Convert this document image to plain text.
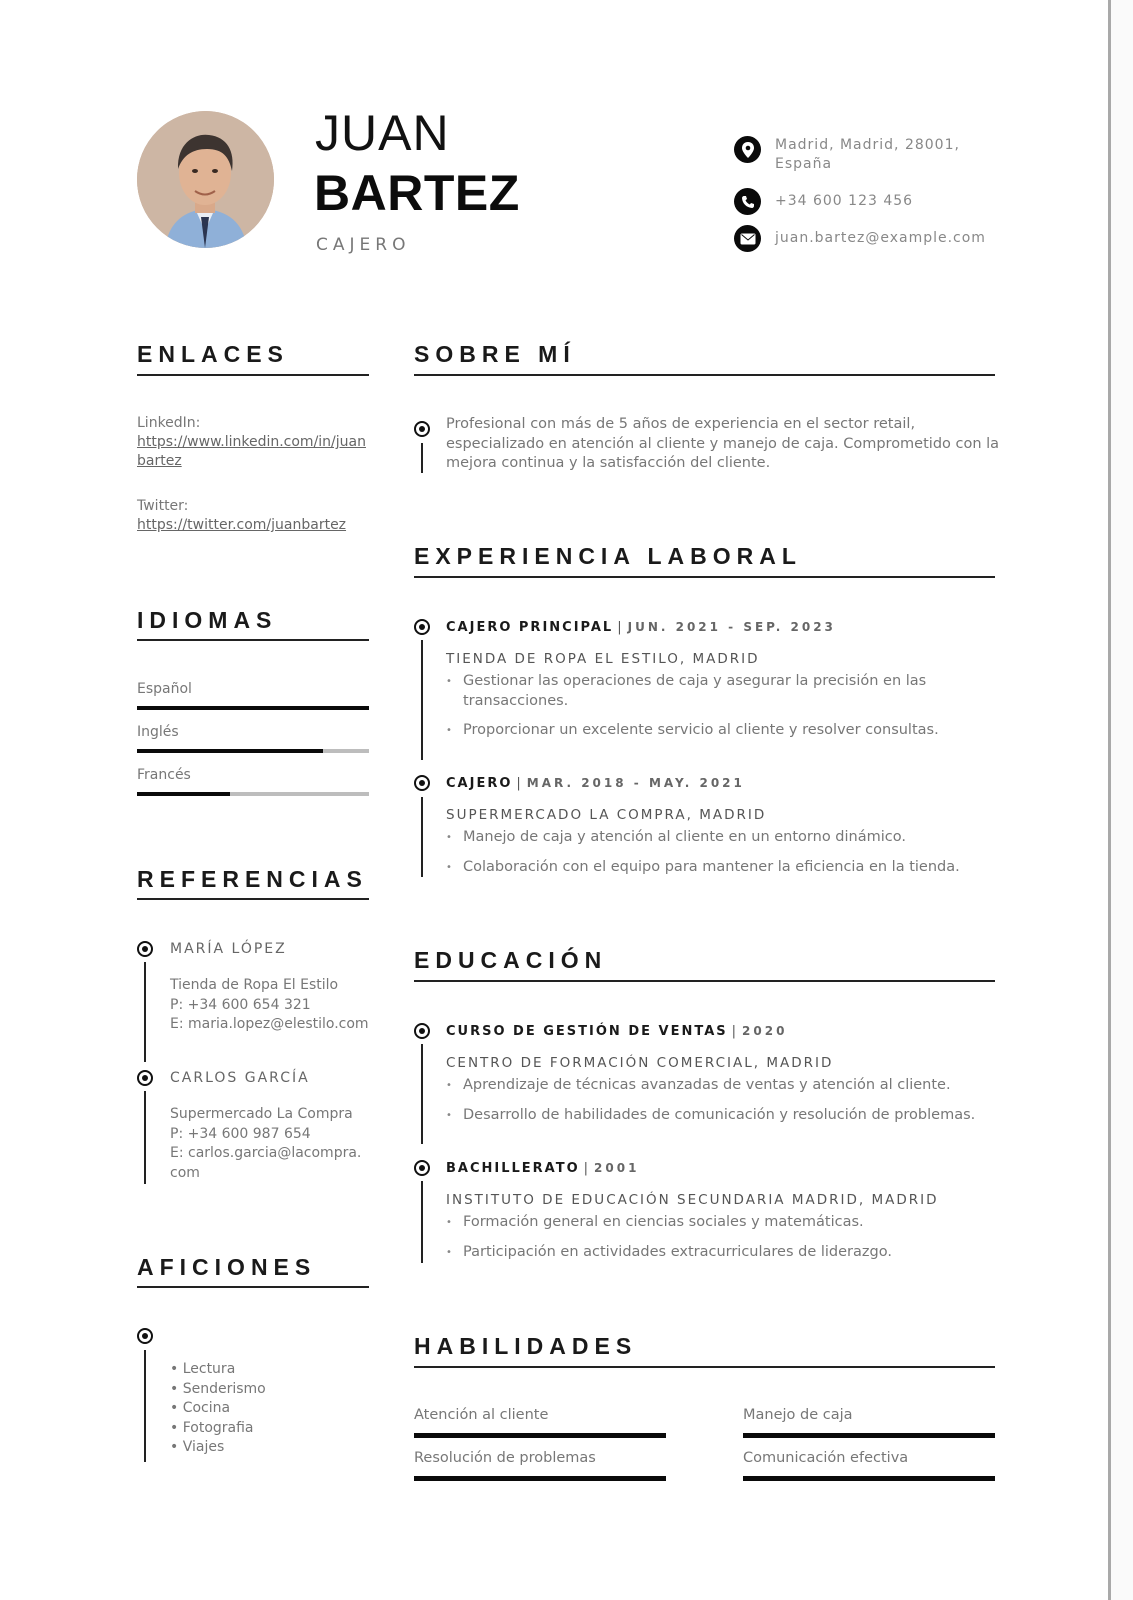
JUAN
BARTEZ
CAJERO
Madrid, Madrid, 28001, España
+34 600 123 456
juan.bartez@example.com
ENLACES
LinkedIn:
https://www.linkedin.com/in/juanbartez
Twitter:
https://twitter.com/juanbartez
IDIOMAS
Español
Inglés
Francés
REFERENCIAS
MARÍA LÓPEZ
Tienda de Ropa El Estilo
P: +34 600 654 321
E: maria.lopez@elestilo.com
CARLOS GARCÍA
Supermercado La Compra
P: +34 600 987 654
E: carlos.garcia@lacompra.com
AFICIONES
• Lectura
• Senderismo
• Cocina
• Fotografia
• Viajes
SOBRE MÍ
Profesional con más de 5 años de experiencia en el sector retail, especializado en atención al cliente y manejo de caja. Comprometido con la mejora continua y la satisfacción del cliente.
EXPERIENCIA LABORAL
CAJERO PRINCIPAL | JUN. 2021 - SEP. 2023
TIENDA DE ROPA EL ESTILO, MADRID
• Gestionar las operaciones de caja y asegurar la precisión en las transacciones.
• Proporcionar un excelente servicio al cliente y resolver consultas.
CAJERO | MAR. 2018 - MAY. 2021
SUPERMERCADO LA COMPRA, MADRID
• Manejo de caja y atención al cliente en un entorno dinámico.
• Colaboración con el equipo para mantener la eficiencia en la tienda.
EDUCACIÓN
CURSO DE GESTIÓN DE VENTAS | 2020
CENTRO DE FORMACIÓN COMERCIAL, MADRID
• Aprendizaje de técnicas avanzadas de ventas y atención al cliente.
• Desarrollo de habilidades de comunicación y resolución de problemas.
BACHILLERATO | 2001
INSTITUTO DE EDUCACIÓN SECUNDARIA MADRID, MADRID
• Formación general en ciencias sociales y matemáticas.
• Participación en actividades extracurriculares de liderazgo.
HABILIDADES
Atención al cliente	Manejo de caja
Resolución de problemas	Comunicación efectiva
